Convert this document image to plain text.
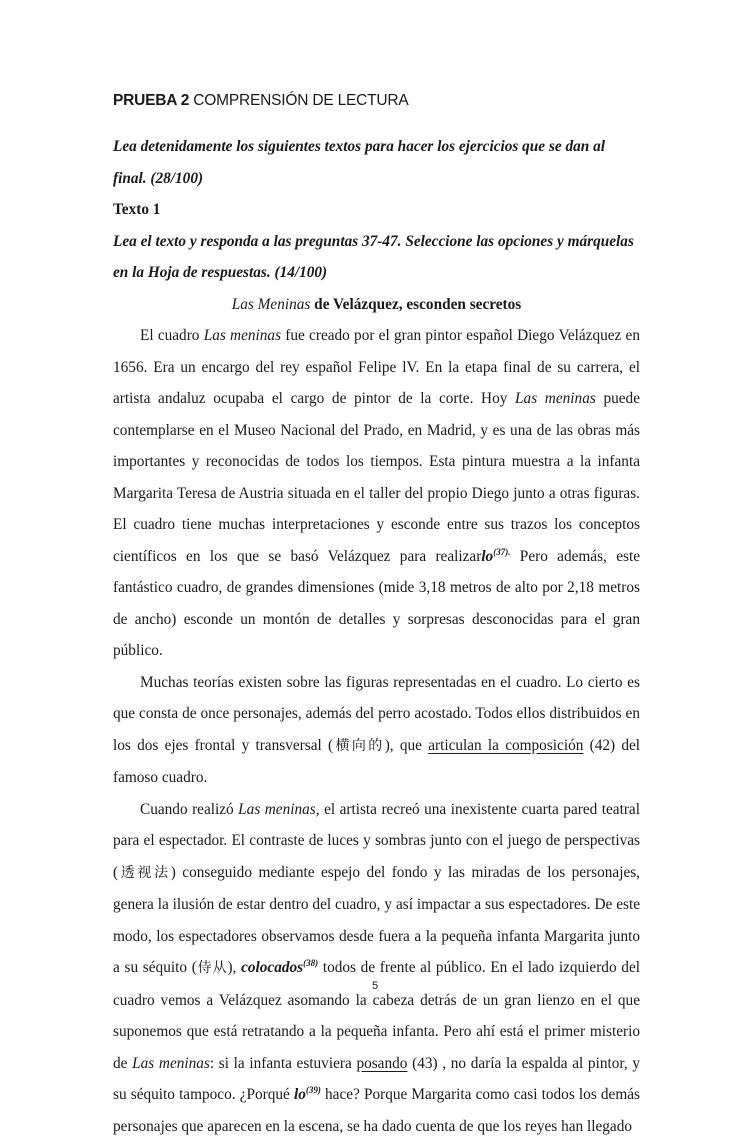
PRUEBA 2 COMPRENSIÓN DE LECTURA

Lea detenidamente los siguientes textos para hacer los ejercicios que se dan al final. (28/100)

Texto 1

Lea el texto y responda a las preguntas 37-47. Seleccione las opciones y márquelas en la Hoja de respuestas. (14/100)

Las Meninas de Velázquez, esconden secretos

El cuadro Las meninas fue creado por el gran pintor español Diego Velázquez en 1656. Era un encargo del rey español Felipe lV. En la etapa final de su carrera, el artista andaluz ocupaba el cargo de pintor de la corte. Hoy Las meninas puede contemplarse en el Museo Nacional del Prado, en Madrid, y es una de las obras más importantes y reconocidas de todos los tiempos. Esta pintura muestra a la infanta Margarita Teresa de Austria situada en el taller del propio Diego junto a otras figuras. El cuadro tiene muchas interpretaciones y esconde entre sus trazos los conceptos científicos en los que se basó Velázquez para realizarlo$^{(37).}$ Pero además, este fantástico cuadro, de grandes dimensiones (mide 3,18 metros de alto por 2,18 metros de ancho) esconde un montón de detalles y sorpresas desconocidas para el gran público.

Muchas teorías existen sobre las figuras representadas en el cuadro. Lo cierto es que consta de once personajes, además del perro acostado. Todos ellos distribuidos en los dos ejes frontal y transversal (横向的), que articulan la composición (42) del famoso cuadro.

Cuando realizó Las meninas, el artista recreó una inexistente cuarta pared teatral para el espectador. El contraste de luces y sombras junto con el juego de perspectivas (透视法) conseguido mediante espejo del fondo y las miradas de los personajes, genera la ilusión de estar dentro del cuadro, y así impactar a sus espectadores. De este modo, los espectadores observamos desde fuera a la pequeña infanta Margarita junto a su séquito (侍从), colocados$^{(38)}$ todos de frente al público. En el lado izquierdo del cuadro vemos a Velázquez asomando la cabeza detrás de un gran lienzo en el que suponemos que está retratando a la pequeña infanta. Pero ahí está el primer misterio de Las meninas: si la infanta estuviera posando (43) , no daría la espalda al pintor, y su séquito tampoco. ¿Porqué lo$^{(39)}$ hace? Porque Margarita como casi todos los demás personajes que aparecen en la escena, se ha dado cuenta de que los reyes han llegado

5
